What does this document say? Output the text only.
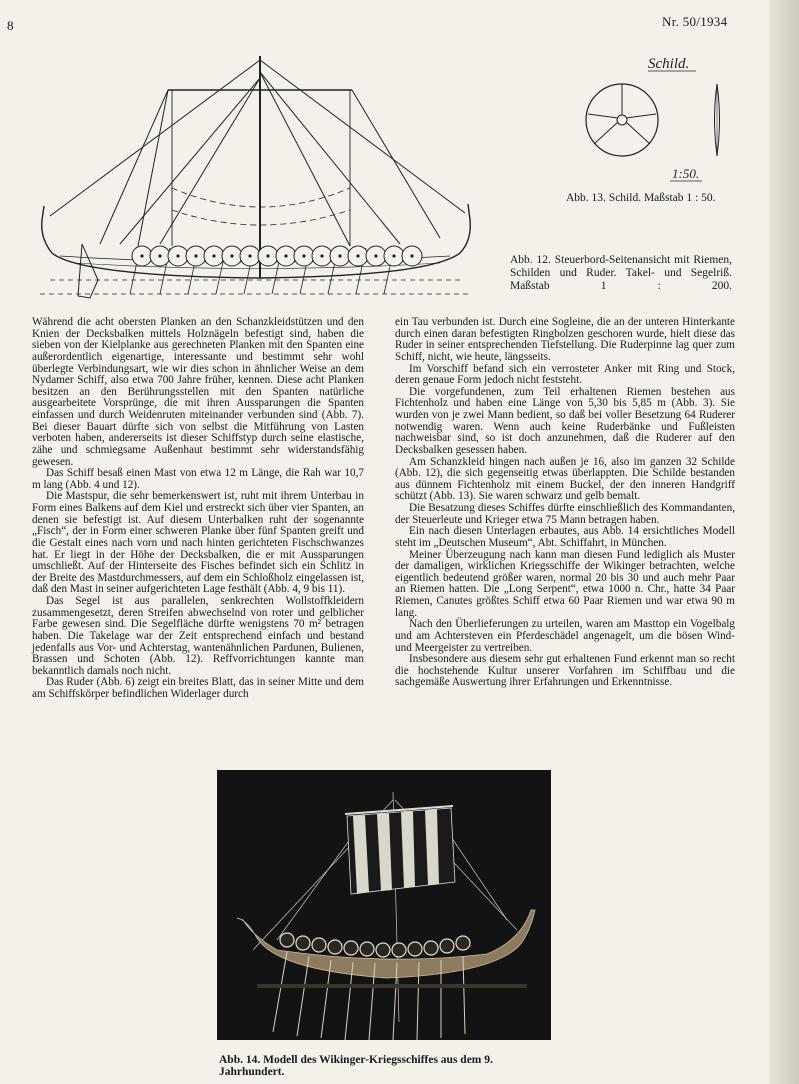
8	Nr. 50/1934
Schild.
1:50.
Abb. 13. Schild. Maßstab 1 : 50.
Abb. 12. Steuerbord-Seitenansicht mit Riemen, Schilden und Ruder. Takel- und Segelriß. Maßstab 1 : 200.

Während die acht obersten Planken an den Schanzkleidstützen und den Knien der Decksbalken mittels Holznägeln befestigt sind, haben die sieben von der Kielplanke aus gerechneten Planken mit den Spanten eine außerordentlich eigenartige, interessante und bestimmt sehr wohl überlegte Verbindungsart, wie wir dies schon in ähnlicher Weise an dem Nydamer Schiff, also etwa 700 Jahre früher, kennen. Diese acht Planken besitzen an den Berührungsstellen mit den Spanten natürliche ausgearbeitete Vorsprünge, die mit ihren Aussparungen die Spanten einfassen und durch Weidenruten miteinander verbunden sind (Abb. 7). Bei dieser Bauart dürfte sich von selbst die Mitführung von Lasten verboten haben, andererseits ist dieser Schiffstyp durch seine elastische, zähe und schmiegsame Außenhaut bestimmt sehr widerstandsfähig gewesen.

Das Schiff besaß einen Mast von etwa 12 m Länge, die Rah war 10,7 m lang (Abb. 4 und 12).

Die Mastspur, die sehr bemerkenswert ist, ruht mit ihrem Unterbau in Form eines Balkens auf dem Kiel und erstreckt sich über vier Spanten, an denen sie befestigt ist. Auf diesem Unterbalken ruht der sogenannte „Fisch“, der in Form einer schweren Planke über fünf Spanten greift und die Gestalt eines nach vorn und nach hinten gerichteten Fischschwanzes hat. Er liegt in der Höhe der Decksbalken, die er mit Aussparungen umschließt. Auf der Hinterseite des Fisches befindet sich ein Schlitz in der Breite des Mastdurchmessers, auf dem ein Schloßholz eingelassen ist, daß den Mast in seiner aufgerichteten Lage festhält (Abb. 4, 9 bis 11).

Das Segel ist aus parallelen, senkrechten Wollstoffkleidern zusammengesetzt, deren Streifen abwechselnd von roter und gelblicher Farbe gewesen sind. Die Segelfläche dürfte wenigstens 70 m² betragen haben. Die Takelage war der Zeit entsprechend einfach und bestand jedenfalls aus Vor- und Achterstag, wantenähnlichen Pardunen, Bulienen, Brassen und Schoten (Abb. 12). Reffvorrichtungen kannte man bekanntlich damals noch nicht.

Das Ruder (Abb. 6) zeigt ein breites Blatt, das in seiner Mitte und dem am Schiffskörper befindlichen Widerlager durch

ein Tau verbunden ist. Durch eine Sogleine, die an der unteren Hinterkante durch einen daran befestigten Ringbolzen geschoren wurde, hielt diese das Ruder in seiner entsprechenden Tiefstellung. Die Ruderpinne lag quer zum Schiff, nicht, wie heute, längsseits.

Im Vorschiff befand sich ein verrosteter Anker mit Ring und Stock, deren genaue Form jedoch nicht feststeht.

Die vorgefundenen, zum Teil erhaltenen Riemen bestehen aus Fichtenholz und haben eine Länge von 5,30 bis 5,85 m (Abb. 3). Sie wurden von je zwei Mann bedient, so daß bei voller Besetzung 64 Ruderer notwendig waren. Wenn auch keine Ruderbänke und Fußleisten nachweisbar sind, so ist doch anzunehmen, daß die Ruderer auf den Decksbalken gesessen haben.

Am Schanzkleid hingen nach außen je 16, also im ganzen 32 Schilde (Abb. 12), die sich gegenseitig etwas überlappten. Die Schilde bestanden aus dünnem Fichtenholz mit einem Buckel, der den inneren Handgriff schützt (Abb. 13). Sie waren schwarz und gelb bemalt.

Die Besatzung dieses Schiffes dürfte einschließlich des Kommandanten, der Steuerleute und Krieger etwa 75 Mann betragen haben.

Ein nach diesen Unterlagen erbautes, aus Abb. 14 ersichtliches Modell steht im „Deutschen Museum“, Abt. Schiffahrt, in München.

Meiner Überzeugung nach kann man diesen Fund lediglich als Muster der damaligen, wirklichen Kriegsschiffe der Wikinger betrachten, welche eigentlich bedeutend größer waren, normal 20 bis 30 und auch mehr Paar an Riemen hatten. Die „Long Serpent“, etwa 1000 n. Chr., hatte 34 Paar Riemen, Canutes größtes Schiff etwa 60 Paar Riemen und war etwa 90 m lang.

Nach den Überlieferungen zu urteilen, waren am Masttop ein Vogelbalg und am Achtersteven ein Pferdeschädel angenagelt, um die bösen Wind- und Meergeister zu vertreiben.

Insbesondere aus diesem sehr gut erhaltenen Fund erkennt man so recht die hochstehende Kultur unserer Vorfahren im Schiffbau und die sachgemäße Auswertung ihrer Erfahrungen und Erkenntnisse.

Abb. 14. Modell des Wikinger-Kriegsschiffes aus dem 9. Jahrhundert.
